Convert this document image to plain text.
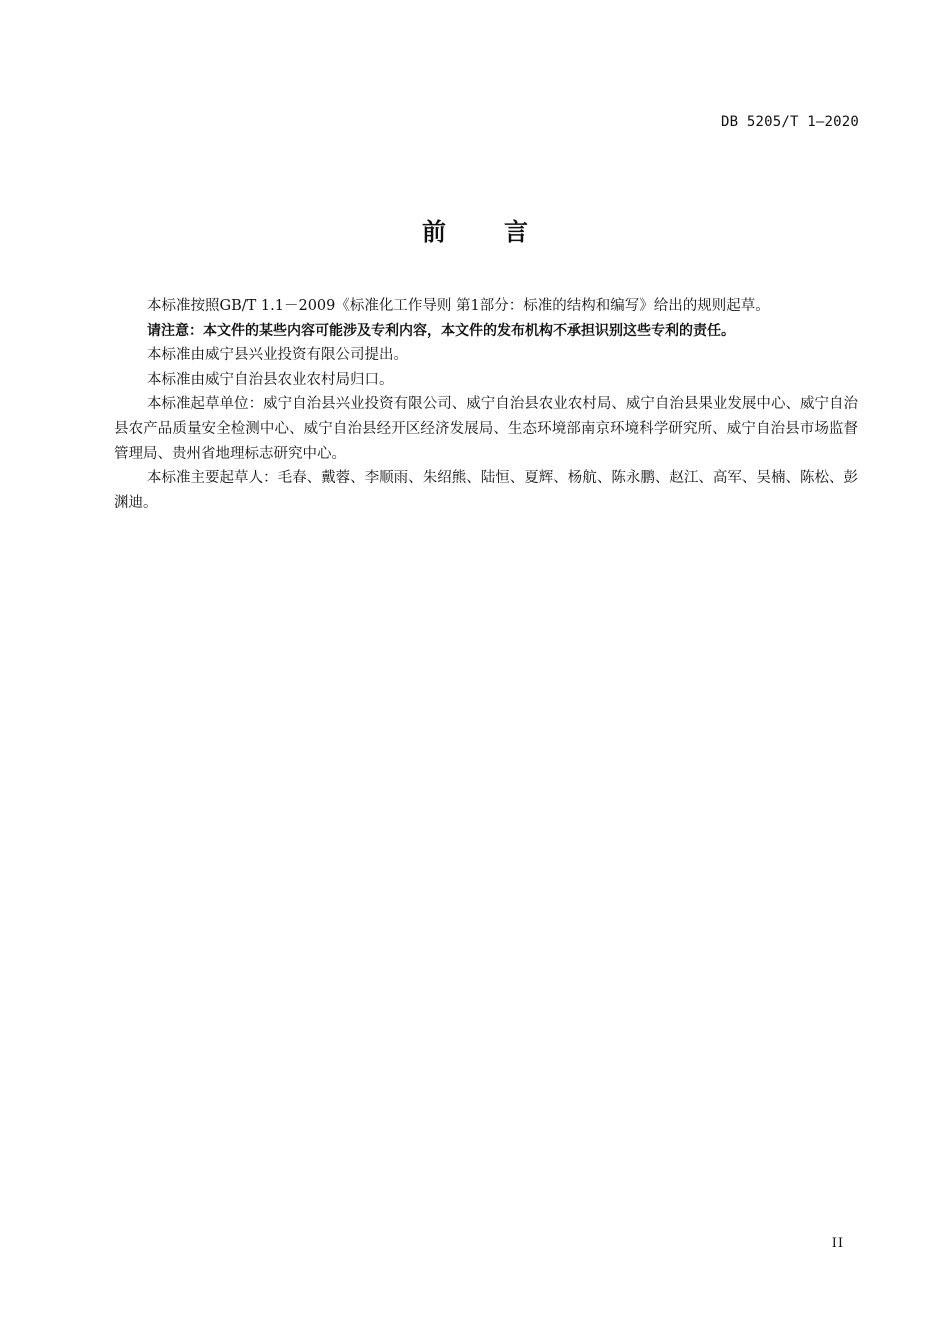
DB 5205/T 1—2020
前言

本标准按照GB/T 1.1－2009《标准化工作导则 第1部分：标准的结构和编写》给出的规则起草。

请注意：本文件的某些内容可能涉及专利内容，本文件的发布机构不承担识别这些专利的责任。

本标准由威宁县兴业投资有限公司提出。

本标准由威宁自治县农业农村局归口。

本标准起草单位：威宁自治县兴业投资有限公司、威宁自治县农业农村局、威宁自治县果业发展中心、威宁自治县农产品质量安全检测中心、威宁自治县经开区经济发展局、生态环境部南京环境科学研究所、威宁自治县市场监督管理局、贵州省地理标志研究中心。

本标准主要起草人：毛春、戴蓉、李顺雨、朱绍熊、陆恒、夏辉、杨航、陈永鹏、赵江、高军、吴楠、陈松、彭渊迪。

II
